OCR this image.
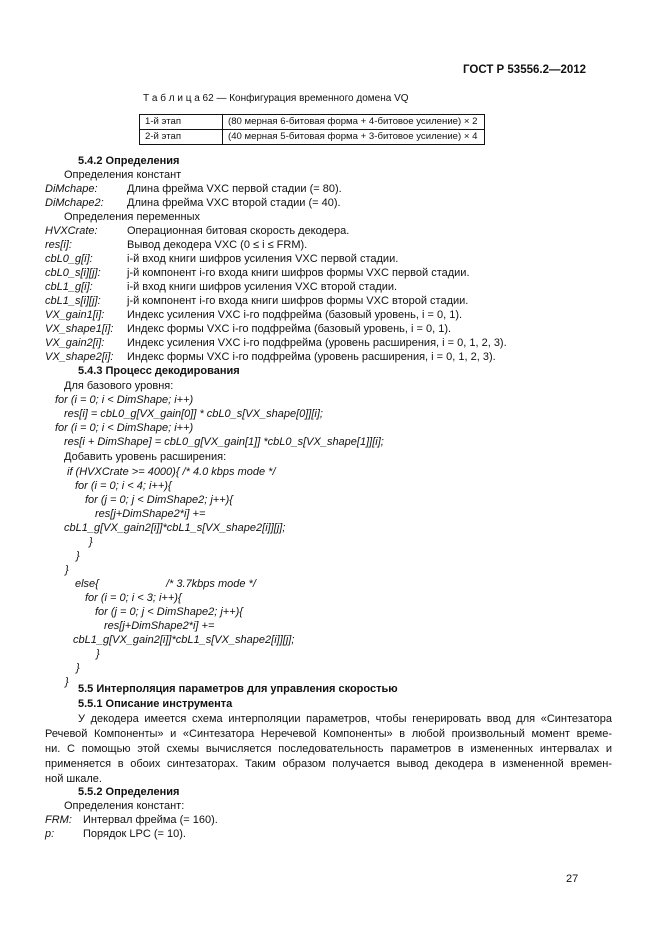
ГОСТ Р 53556.2—2012
Т а б л и ц а 62 — Конфигурация временного домена VQ
1-й этап	(80 мерная 6-битовая форма + 4-битовое усиление) × 2
2-й этап	(40 мерная 5-битовая форма + 3-битовое усиление) × 4
5.4.2 Определения
Определения констант
DiMchape:	Длина фрейма VXC первой стадии (= 80).
DiMchape2: Длина фрейма VXC второй стадии (= 40).
Определения переменных
HVXCrate:	Операционная битовая скорость декодера.
res[i]:	Вывод декодера VXC (0 ≤ i ≤ FRM).
cbL0_g[i]:	i-й вход книги шифров усиления VXC первой стадии.
cbL0_s[i][j]: j-й компонент i-го входа книги шифров формы VXC первой стадии.
cbL1_g[i]:	i-й вход книги шифров усиления VXC второй стадии.
cbL1_s[i][j]: j-й компонент i-го входа книги шифров формы VXC второй стадии.
VX_gain1[i]: Индекс усиления VXC i-го подфрейма (базовый уровень, i = 0, 1).
VX_shape1[i]: Индекс формы VXC i-го подфрейма (базовый уровень, i = 0, 1).
VX_gain2[i]: Индекс усиления VXC i-го подфрейма (уровень расширения, i = 0, 1, 2, 3).
VX_shape2[i]: Индекс формы VXC i-го подфрейма (уровень расширения, i = 0, 1, 2, 3).
5.4.3 Процесс декодирования
Для базового уровня:
for (i = 0; i < DimShape; i++)
res[i] = cbL0_g[VX_gain[0]] * cbL0_s[VX_shape[0]][i];
for (i = 0; i < DimShape; i++)
res[i + DimShape] = cbL0_g[VX_gain[1]] *cbL0_s[VX_shape[1]][i];
Добавить уровень расширения:
if (HVXCrate >= 4000){ /* 4.0 kbps mode */
for (i = 0; i < 4; i++){
for (j = 0; j < DimShape2; j++){
res[j+DimShape2*i] +=
cbL1_g[VX_gain2[i]]*cbL1_s[VX_shape2[i]][j];
}
}
}
else{	/* 3.7kbps mode */
for (i = 0; i < 3; i++){
for (j = 0; j < DimShape2; j++){
res[j+DimShape2*i] +=
cbL1_g[VX_gain2[i]]*cbL1_s[VX_shape2[i]][j];
}
}
}
5.5 Интерполяция параметров для управления скоростью
5.5.1 Описание инструмента
У декодера имеется схема интерполяции параметров, чтобы генерировать ввод для «Синтезатора
Речевой Компоненты» и «Синтезатора Неречевой Компоненты» в любой произвольный момент време-
ни. С помощью этой схемы вычисляется последовательность параметров в измененных интервалах и
применяется в обоих синтезаторах. Таким образом получается вывод декодера в измененной времен-
ной шкале.
5.5.2 Определения
Определения констант:
FRM: Интервал фрейма (= 160).
p:	Порядок LPC (= 10).
27
